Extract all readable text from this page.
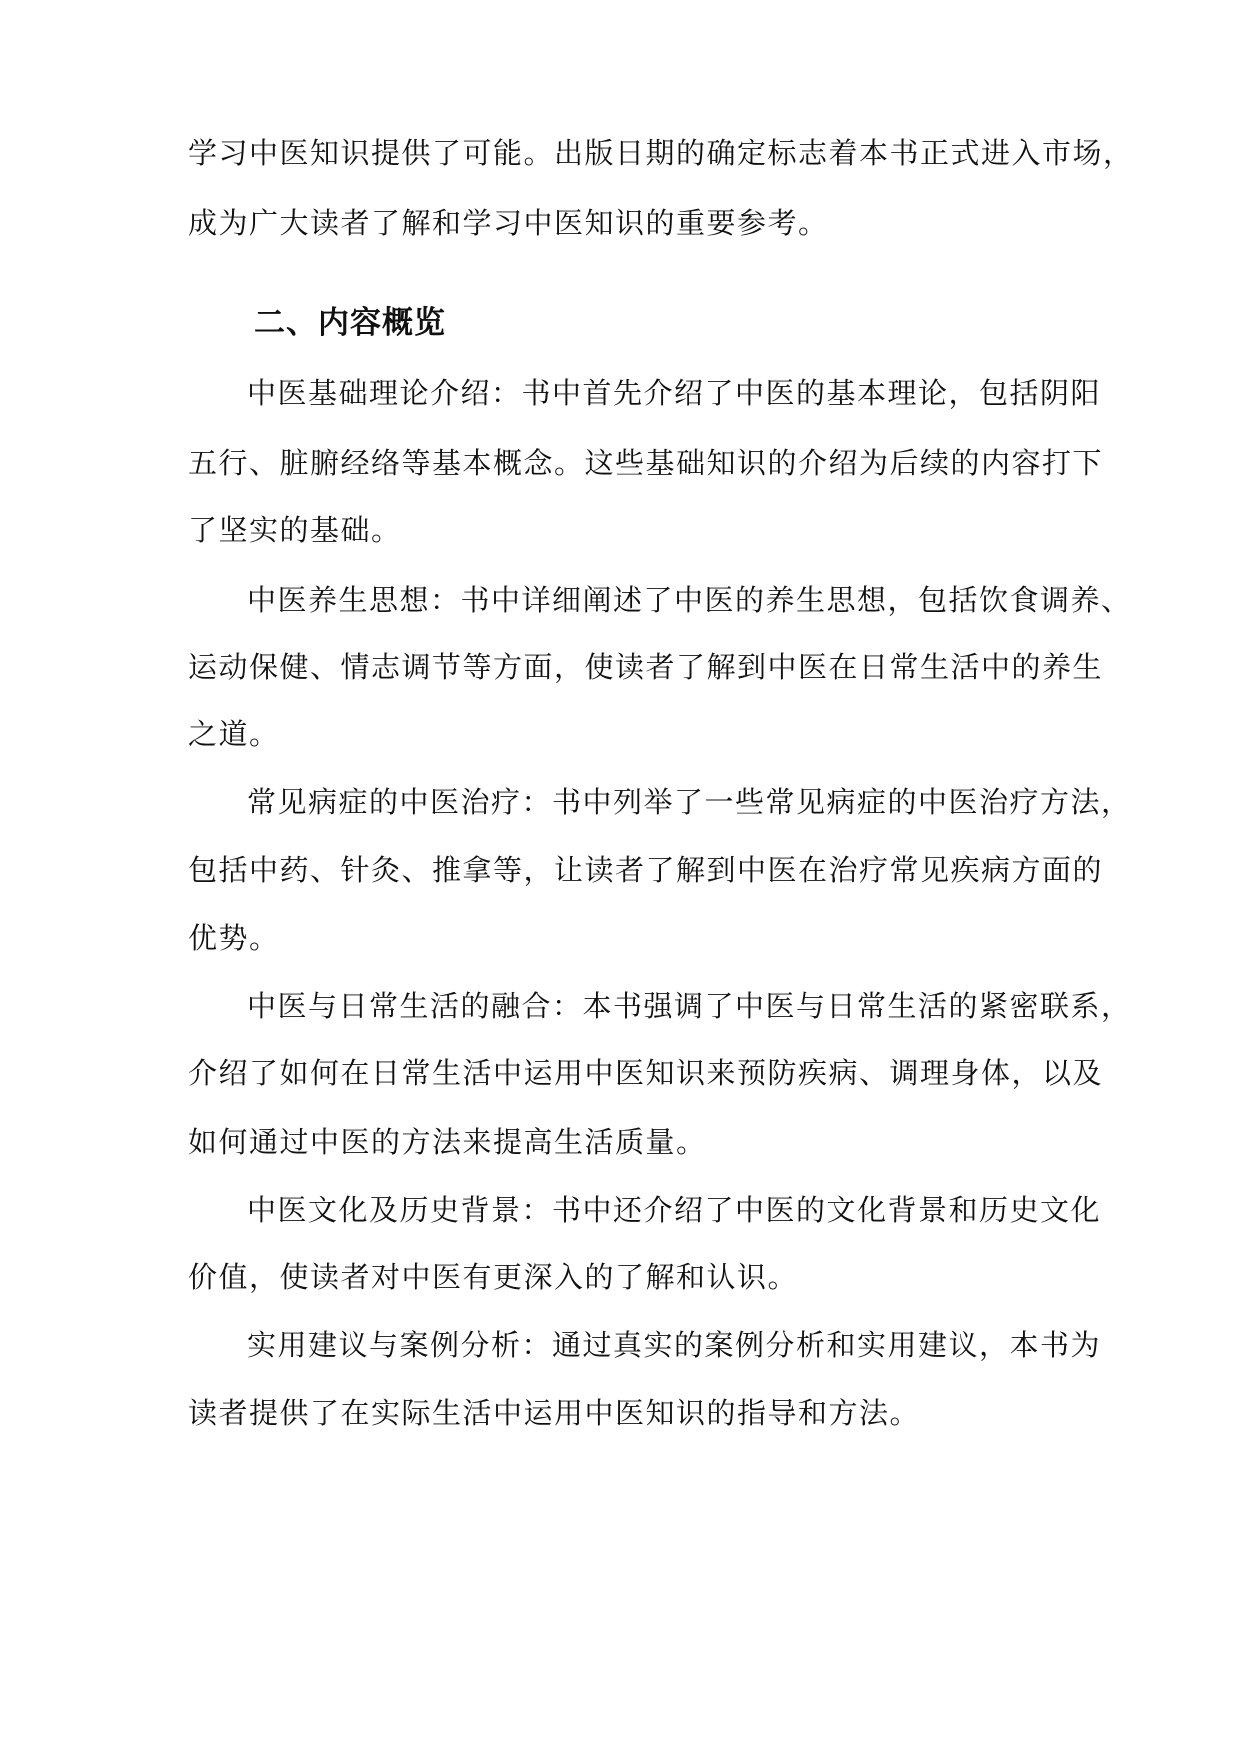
学习中医知识提供了可能。出版日期的确定标志着本书正式进入市场，
成为广大读者了解和学习中医知识的重要参考。
二、内容概览
中医基础理论介绍：书中首先介绍了中医的基本理论，包括阴阳
五行、脏腑经络等基本概念。这些基础知识的介绍为后续的内容打下
了坚实的基础。
中医养生思想：书中详细阐述了中医的养生思想，包括饮食调养、
运动保健、情志调节等方面，使读者了解到中医在日常生活中的养生
之道。
常见病症的中医治疗：书中列举了一些常见病症的中医治疗方法，
包括中药、针灸、推拿等，让读者了解到中医在治疗常见疾病方面的
优势。
中医与日常生活的融合：本书强调了中医与日常生活的紧密联系，
介绍了如何在日常生活中运用中医知识来预防疾病、调理身体，以及
如何通过中医的方法来提高生活质量。
中医文化及历史背景：书中还介绍了中医的文化背景和历史文化
价值，使读者对中医有更深入的了解和认识。
实用建议与案例分析：通过真实的案例分析和实用建议，本书为
读者提供了在实际生活中运用中医知识的指导和方法。
